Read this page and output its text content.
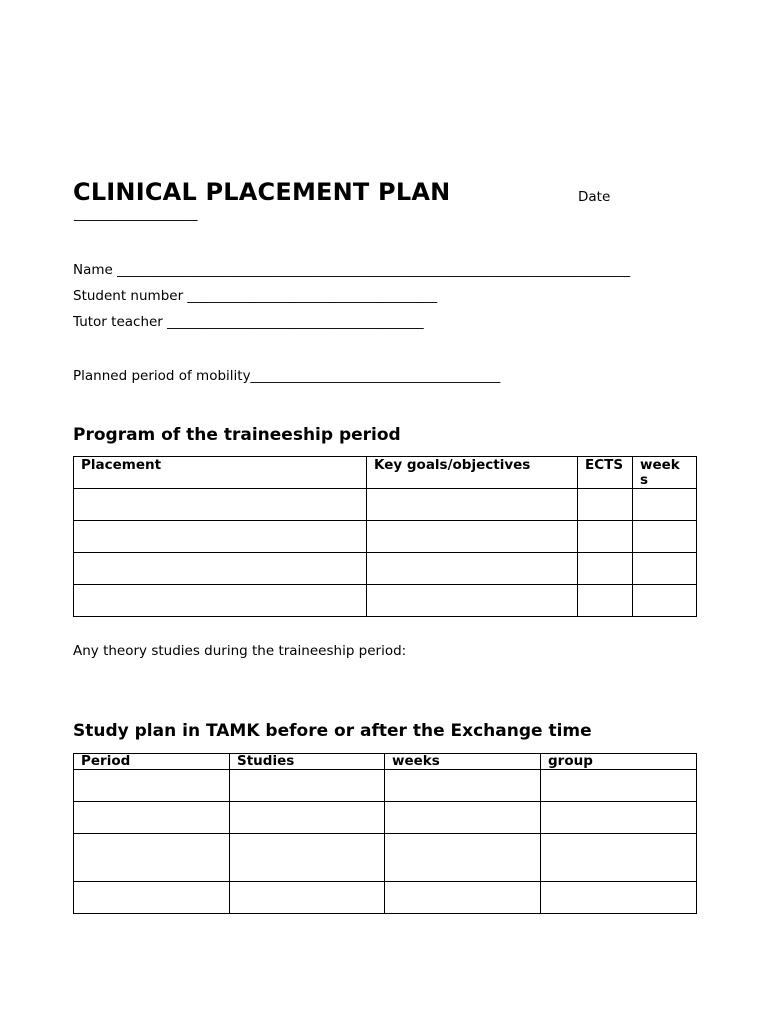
CLINICAL PLACEMENT PLAN	Date
___________________
Name ____________________________________________________________________________
Student number _____________________________________
Tutor teacher ______________________________________
Planned period of mobility_____________________________________
Program of the traineeship period
Placement	Key goals/objectives	ECTS	week s

Any theory studies during the traineeship period:
Study plan in TAMK before or after the Exchange time
Period	Studies	weeks	group
